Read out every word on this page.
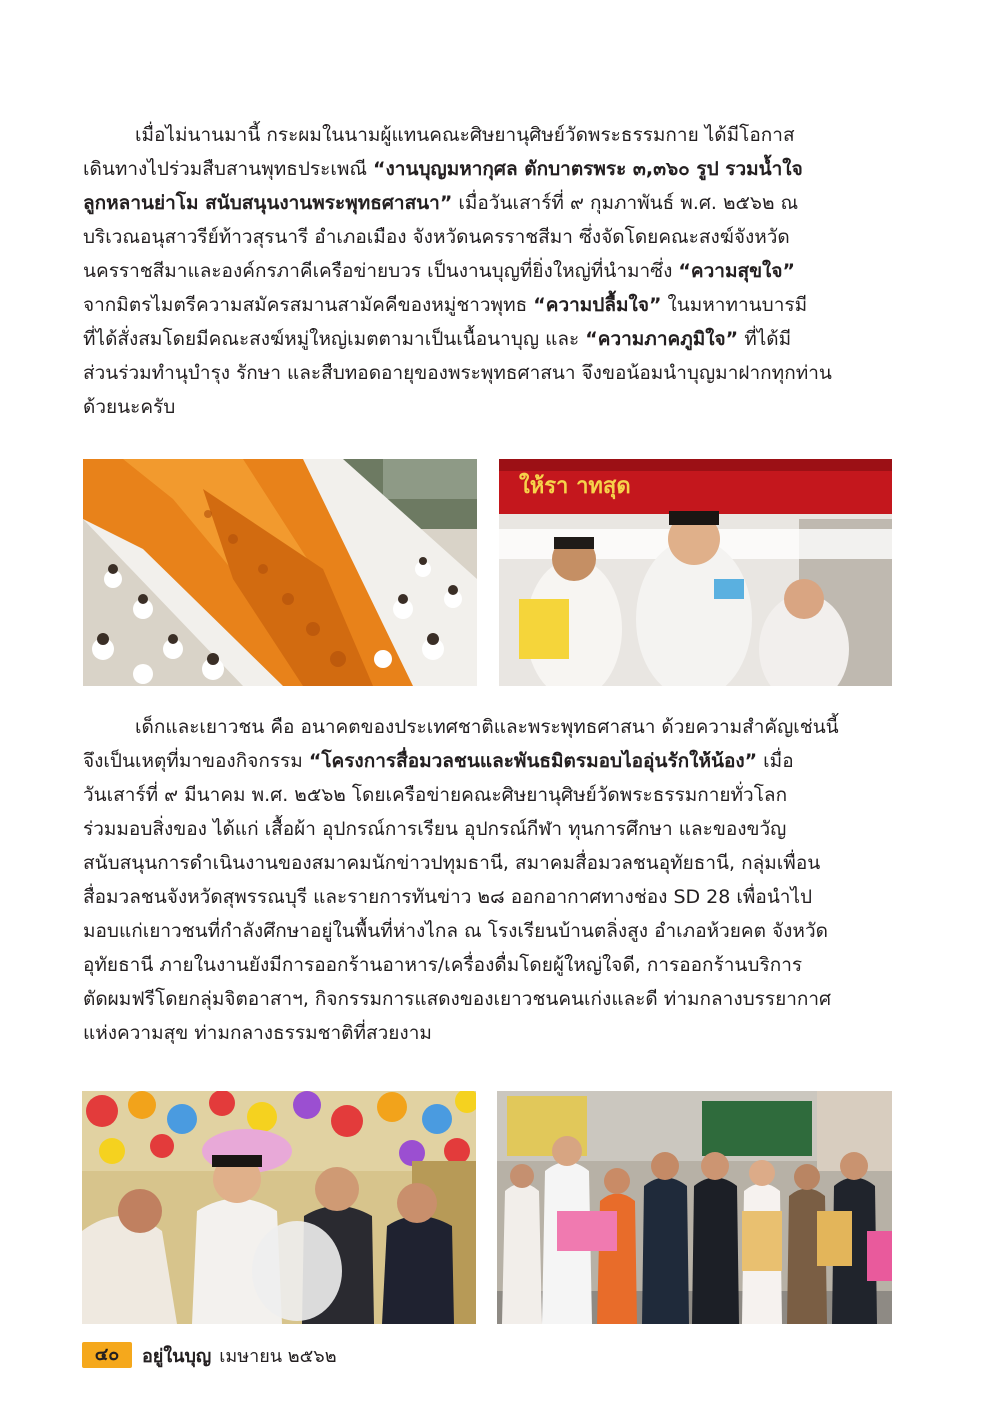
เมื่อไม่นานมานี้ กระผมในนามผู้แทนคณะศิษยานุศิษย์วัดพระธรรมกาย ได้มีโอกาส
เดินทางไปร่วมสืบสานพุทธประเพณี “งานบุญมหากุศล ตักบาตรพระ ๓,๓๖๐ รูป รวมน้ำใจ
ลูกหลานย่าโม สนับสนุนงานพระพุทธศาสนา” เมื่อวันเสาร์ที่ ๙ กุมภาพันธ์ พ.ศ. ๒๕๖๒ ณ
บริเวณอนุสาวรีย์ท้าวสุรนารี อำเภอเมือง จังหวัดนครราชสีมา ซึ่งจัดโดยคณะสงฆ์จังหวัด
นครราชสีมาและองค์กรภาคีเครือข่ายบวร เป็นงานบุญที่ยิ่งใหญ่ที่นำมาซึ่ง “ความสุขใจ”
จากมิตรไมตรีความสมัครสมานสามัคคีของหมู่ชาวพุทธ “ความปลื้มใจ” ในมหาทานบารมี
ที่ได้สั่งสมโดยมีคณะสงฆ์หมู่ใหญ่เมตตามาเป็นเนื้อนาบุญ และ “ความภาคภูมิใจ” ที่ได้มี
ส่วนร่วมทำนุบำรุง รักษา และสืบทอดอายุของพระพุทธศาสนา จึงขอน้อมนำบุญมาฝากทุกท่าน
ด้วยนะครับ
ให้รา าทสุด
เด็กและเยาวชน คือ อนาคตของประเทศชาติและพระพุทธศาสนา ด้วยความสำคัญเช่นนี้
จึงเป็นเหตุที่มาของกิจกรรม “โครงการสื่อมวลชนและพันธมิตรมอบไออุ่นรักให้น้อง” เมื่อ
วันเสาร์ที่ ๙ มีนาคม พ.ศ. ๒๕๖๒ โดยเครือข่ายคณะศิษยานุศิษย์วัดพระธรรมกายทั่วโลก
ร่วมมอบสิ่งของ ได้แก่ เสื้อผ้า อุปกรณ์การเรียน อุปกรณ์กีฬา ทุนการศึกษา และของขวัญ
สนับสนุนการดำเนินงานของสมาคมนักข่าวปทุมธานี, สมาคมสื่อมวลชนอุทัยธานี, กลุ่มเพื่อน
สื่อมวลชนจังหวัดสุพรรณบุรี และรายการทันข่าว ๒๘ ออกอากาศทางช่อง SD 28 เพื่อนำไป
มอบแก่เยาวชนที่กำลังศึกษาอยู่ในพื้นที่ห่างไกล ณ โรงเรียนบ้านตลิ่งสูง อำเภอห้วยคต จังหวัด
อุทัยธานี ภายในงานยังมีการออกร้านอาหาร/เครื่องดื่มโดยผู้ใหญ่ใจดี, การออกร้านบริการ
ตัดผมฟรีโดยกลุ่มจิตอาสาฯ, กิจกรรมการแสดงของเยาวชนคนเก่งและดี ท่ามกลางบรรยากาศ
แห่งความสุข ท่ามกลางธรรมชาติที่สวยงาม
๔๐	อยู่ในบุญ เมษายน ๒๕๖๒
